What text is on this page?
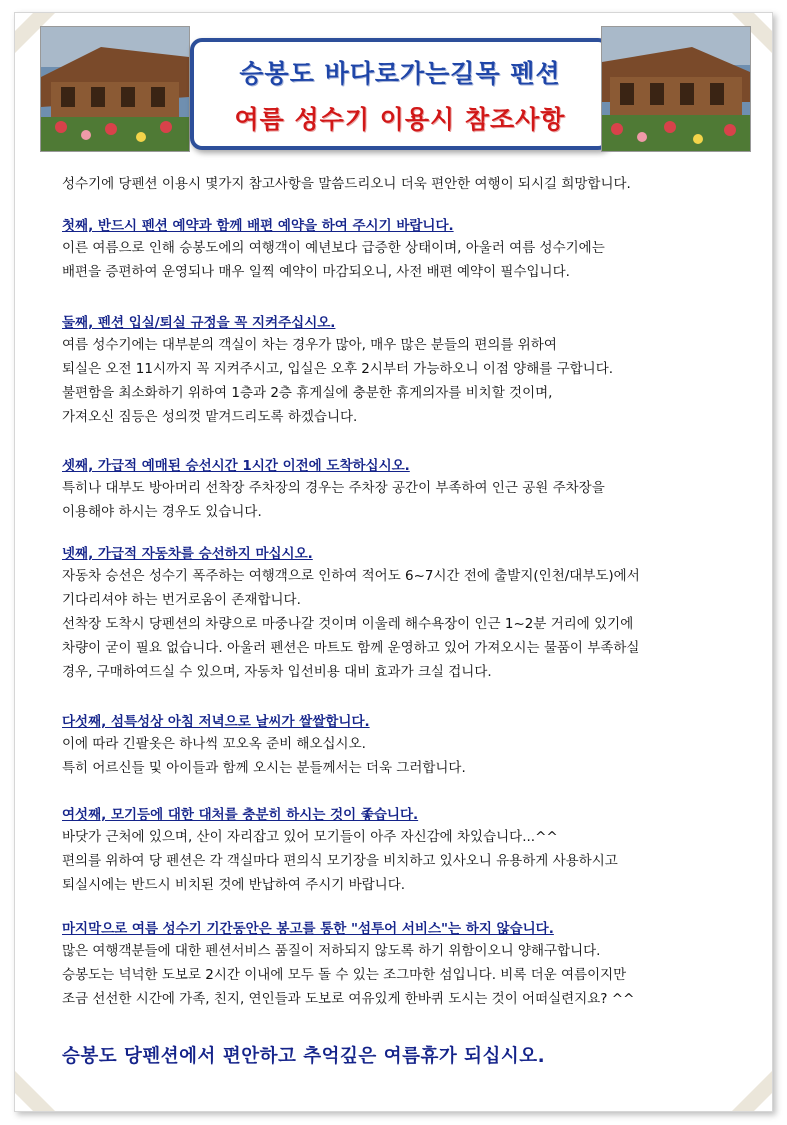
승봉도 바다로가는길목 펜션
여름 성수기 이용시 참조사항
성수기에 당펜션 이용시 몇가지 참고사항을 말씀드리오니 더욱 편안한 여행이 되시길 희망합니다.
첫째, 반드시 펜션 예약과 함께 배편 예약을 하여 주시기 바랍니다.
이른 여름으로 인해 승봉도에의 여행객이 예년보다 급증한 상태이며, 아울러 여름 성수기에는
배편을 증편하여 운영되나 매우 일찍 예약이 마감되오니, 사전 배편 예약이 필수입니다.
둘째, 펜션 입실/퇴실 규정을 꼭 지켜주십시오.
여름 성수기에는 대부분의 객실이 차는 경우가 많아, 매우 많은 분들의 편의를 위하여
퇴실은 오전 11시까지 꼭 지켜주시고, 입실은 오후 2시부터 가능하오니 이점 양해를 구합니다.
불편함을 최소화하기 위하여 1층과 2층 휴게실에 충분한 휴게의자를 비치할 것이며,
가져오신 짐등은 성의껏 맡겨드리도록 하겠습니다.
셋째, 가급적 예매된 승선시간 1시간 이전에 도착하십시오.
특히나 대부도 방아머리 선착장 주차장의 경우는 주차장 공간이 부족하여 인근 공원 주차장을
이용해야 하시는 경우도 있습니다.
넷째, 가급적 자동차를 승선하지 마십시오.
자동차 승선은 성수기 폭주하는 여행객으로 인하여 적어도 6~7시간 전에 출발지(인천/대부도)에서
기다리셔야 하는 번거로움이 존재합니다.
선착장 도착시 당펜션의 차량으로 마중나갈 것이며 이울레 해수욕장이 인근 1~2분 거리에 있기에
차량이 굳이 필요 없습니다. 아울러 펜션은 마트도 함께 운영하고 있어 가져오시는 물품이 부족하실
경우, 구매하여드실 수 있으며, 자동차 입선비용 대비 효과가 크실 겁니다.
다섯째, 섬특성상 아침 저녁으로 날씨가 쌀쌀합니다.
이에 따라 긴팔옷은 하나씩 꼬오옥 준비 해오십시오.
특히 어르신들 및 아이들과 함께 오시는 분들께서는 더욱 그러합니다.
여섯째, 모기등에 대한 대처를 충분히 하시는 것이 좋습니다.
바닷가 근처에 있으며, 산이 자리잡고 있어 모기들이 아주 자신감에 차있습니다...^^
편의를 위하여 당 펜션은 각 객실마다 편의식 모기장을 비치하고 있사오니 유용하게 사용하시고
퇴실시에는 반드시 비치된 것에 반납하여 주시기 바랍니다.
마지막으로 여름 성수기 기간동안은 봉고를 통한 "섬투어 서비스"는 하지 않습니다.
많은 여행객분들에 대한 펜션서비스 품질이 저하되지 않도록 하기 위함이오니 양해구합니다.
승봉도는 넉넉한 도보로 2시간 이내에 모두 돌 수 있는 조그마한 섬입니다. 비록 더운 여름이지만
조금 선선한 시간에 가족, 친지, 연인들과 도보로 여유있게 한바퀴 도시는 것이 어떠실련지요? ^^
승봉도 당펜션에서 편안하고 추억깊은 여름휴가 되십시오.
